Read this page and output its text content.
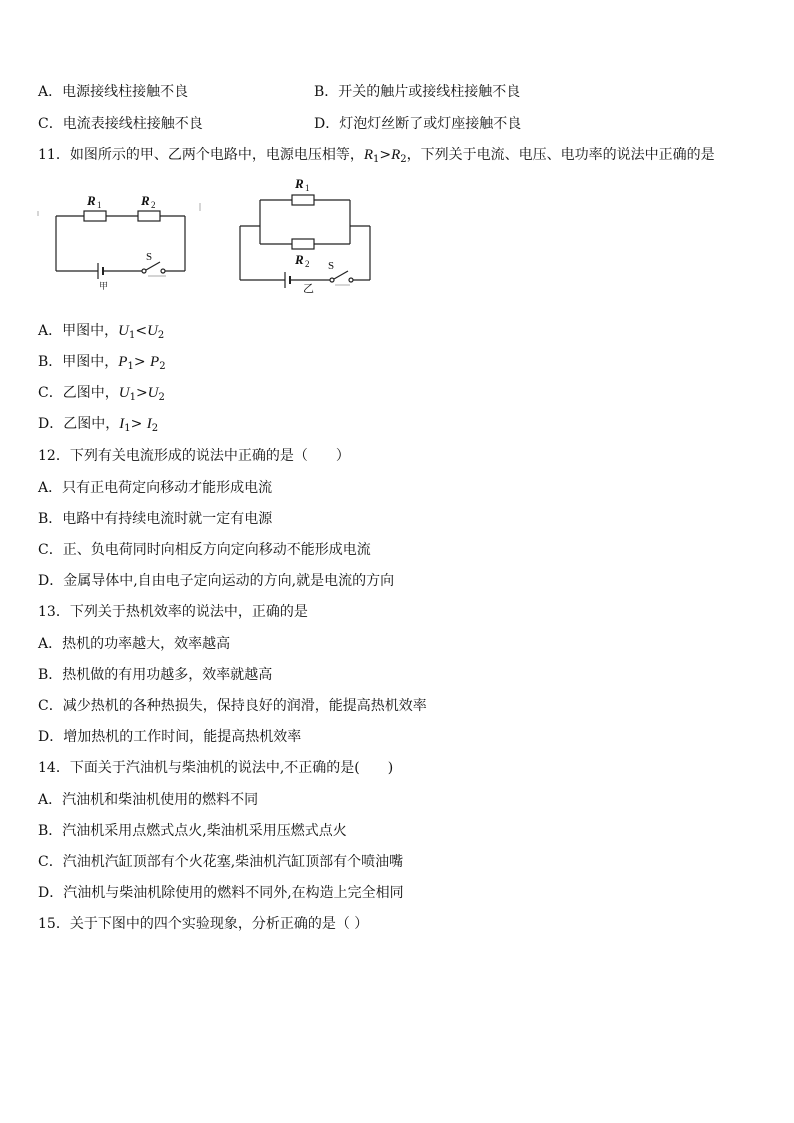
A．电源接线柱接触不良	B．开关的触片或接线柱接触不良
C．电流表接线柱接触不良	D．灯泡灯丝断了或灯座接触不良
11．如图所示的甲、乙两个电路中，电源电压相等，$R_1>R_2$，下列关于电流、电压、电功率的说法中正确的是
R 1	R 2
S
甲
R 1
R 2 S
乙
A．甲图中，$U_1<U_2$
B．甲图中，$P_1> P_2$
C．乙图中，$U_1>U_2$
D．乙图中，$I_1> I_2$
12．下列有关电流形成的说法中正确的是（　　）
A．只有正电荷定向移动才能形成电流
B．电路中有持续电流时就一定有电源
C．正、负电荷同时向相反方向定向移动不能形成电流
D．金属导体中,自由电子定向运动的方向,就是电流的方向
13．下列关于热机效率的说法中，正确的是
A．热机的功率越大，效率越高
B．热机做的有用功越多，效率就越高
C．减少热机的各种热损失，保持良好的润滑，能提高热机效率
D．增加热机的工作时间，能提高热机效率
14．下面关于汽油机与柴油机的说法中,不正确的是(　　)
A．汽油机和柴油机使用的燃料不同
B．汽油机采用点燃式点火,柴油机采用压燃式点火
C．汽油机汽缸顶部有个火花塞,柴油机汽缸顶部有个喷油嘴
D．汽油机与柴油机除使用的燃料不同外,在构造上完全相同
15．关于下图中的四个实验现象，分析正确的是（ ）
